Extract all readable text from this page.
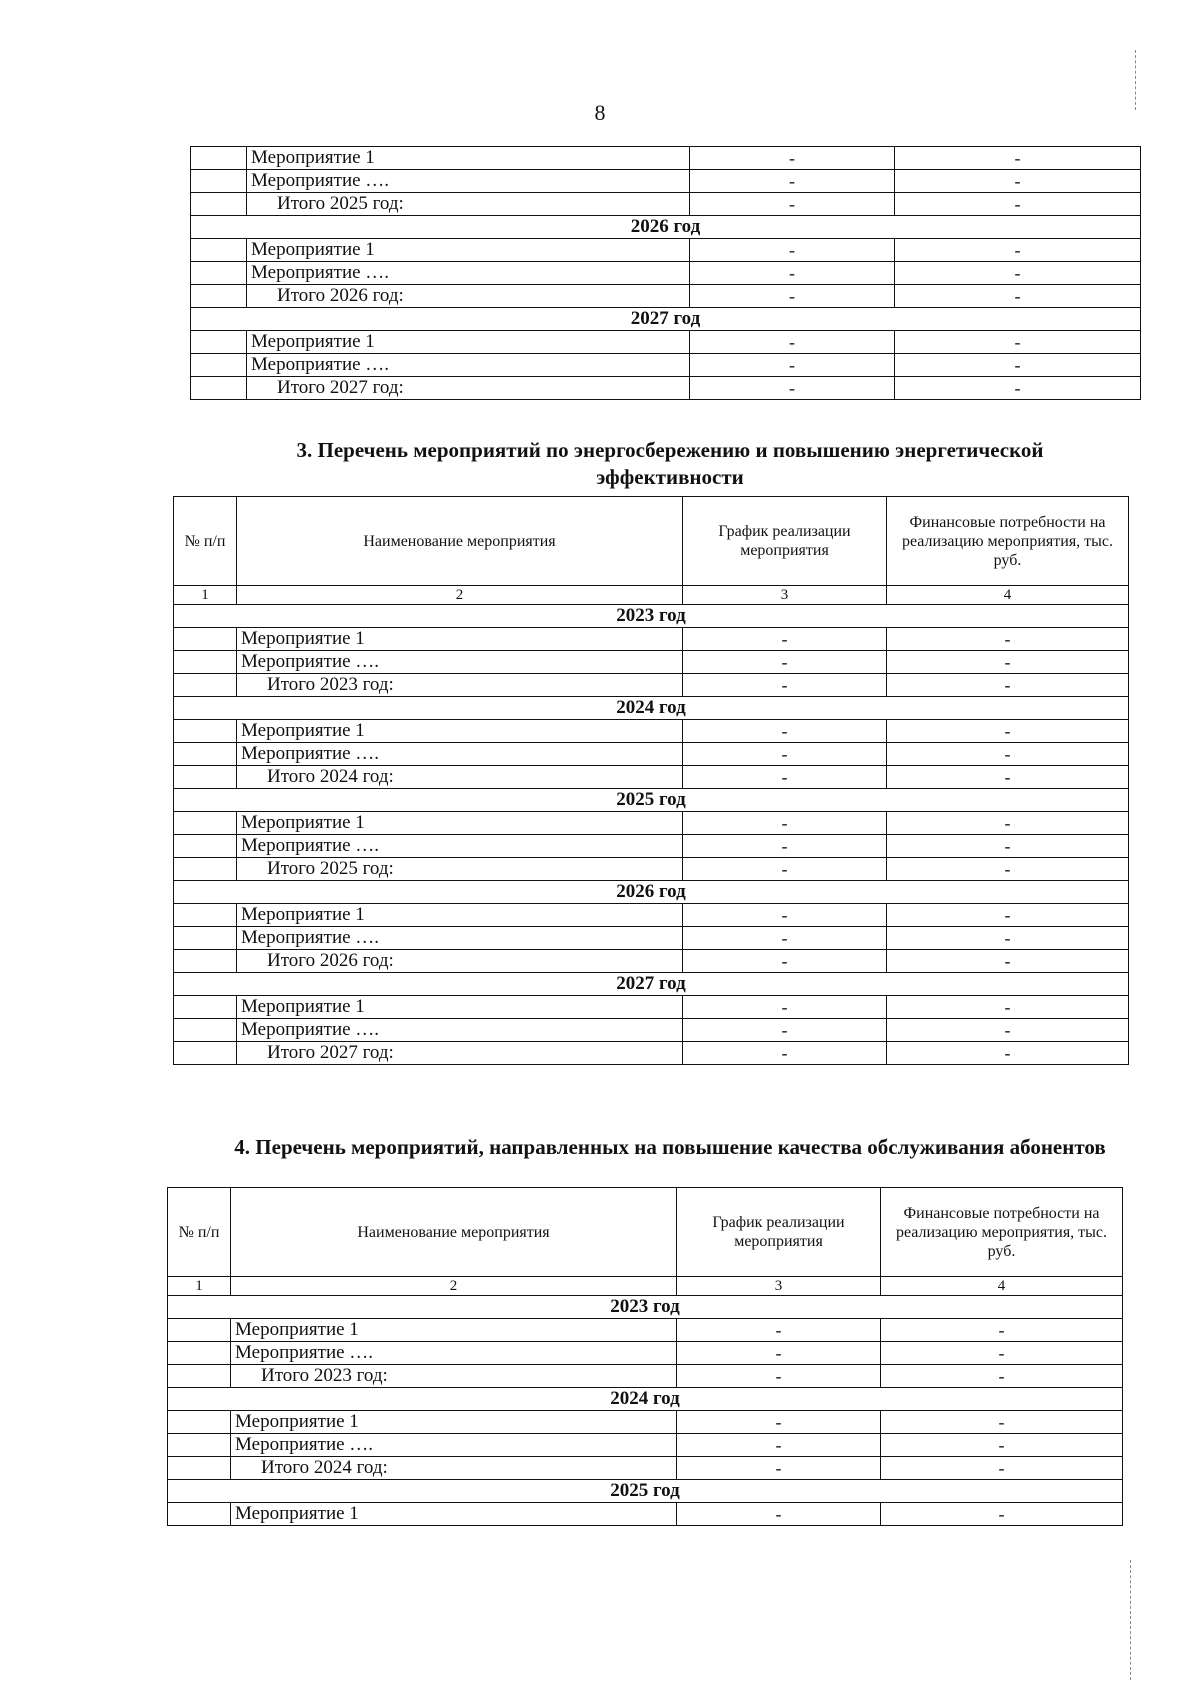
8
	Мероприятие 1	-	-
	Мероприятие ….	-	-
	Итого 2025 год:	-	-
2026 год			
	Мероприятие 1	-	-
	Мероприятие ….	-	-
	Итого 2026 год:	-	-
2027 год			
	Мероприятие 1	-	-
	Мероприятие ….	-	-
	Итого 2027 год:	-	-
3. Перечень мероприятий по энергосбережению и повышению энергетической эффективности
№ п/п	Наименование мероприятия	График реализации мероприятия	Финансовые потребности на реализацию мероприятия, тыс. руб.
1	2	3	4
2023 год			
	Мероприятие 1	-	-
	Мероприятие ….	-	-
	Итого 2023 год:	-	-
2024 год			
	Мероприятие 1	-	-
	Мероприятие ….	-	-
	Итого 2024 год:	-	-
2025 год			
	Мероприятие 1	-	-
	Мероприятие ….	-	-
	Итого 2025 год:	-	-
2026 год			
	Мероприятие 1	-	-
	Мероприятие ….	-	-
	Итого 2026 год:	-	-
2027 год			
	Мероприятие 1	-	-
	Мероприятие ….	-	-
	Итого 2027 год:	-	-
4. Перечень мероприятий, направленных на повышение качества обслуживания абонентов
№ п/п	Наименование мероприятия	График реализации мероприятия	Финансовые потребности на реализацию мероприятия, тыс. руб.
1	2	3	4
2023 год			
	Мероприятие 1	-	-
	Мероприятие ….	-	-
	Итого 2023 год:	-	-
2024 год			
	Мероприятие 1	-	-
	Мероприятие ….	-	-
	Итого 2024 год:	-	-
2025 год			
	Мероприятие 1	-	-
